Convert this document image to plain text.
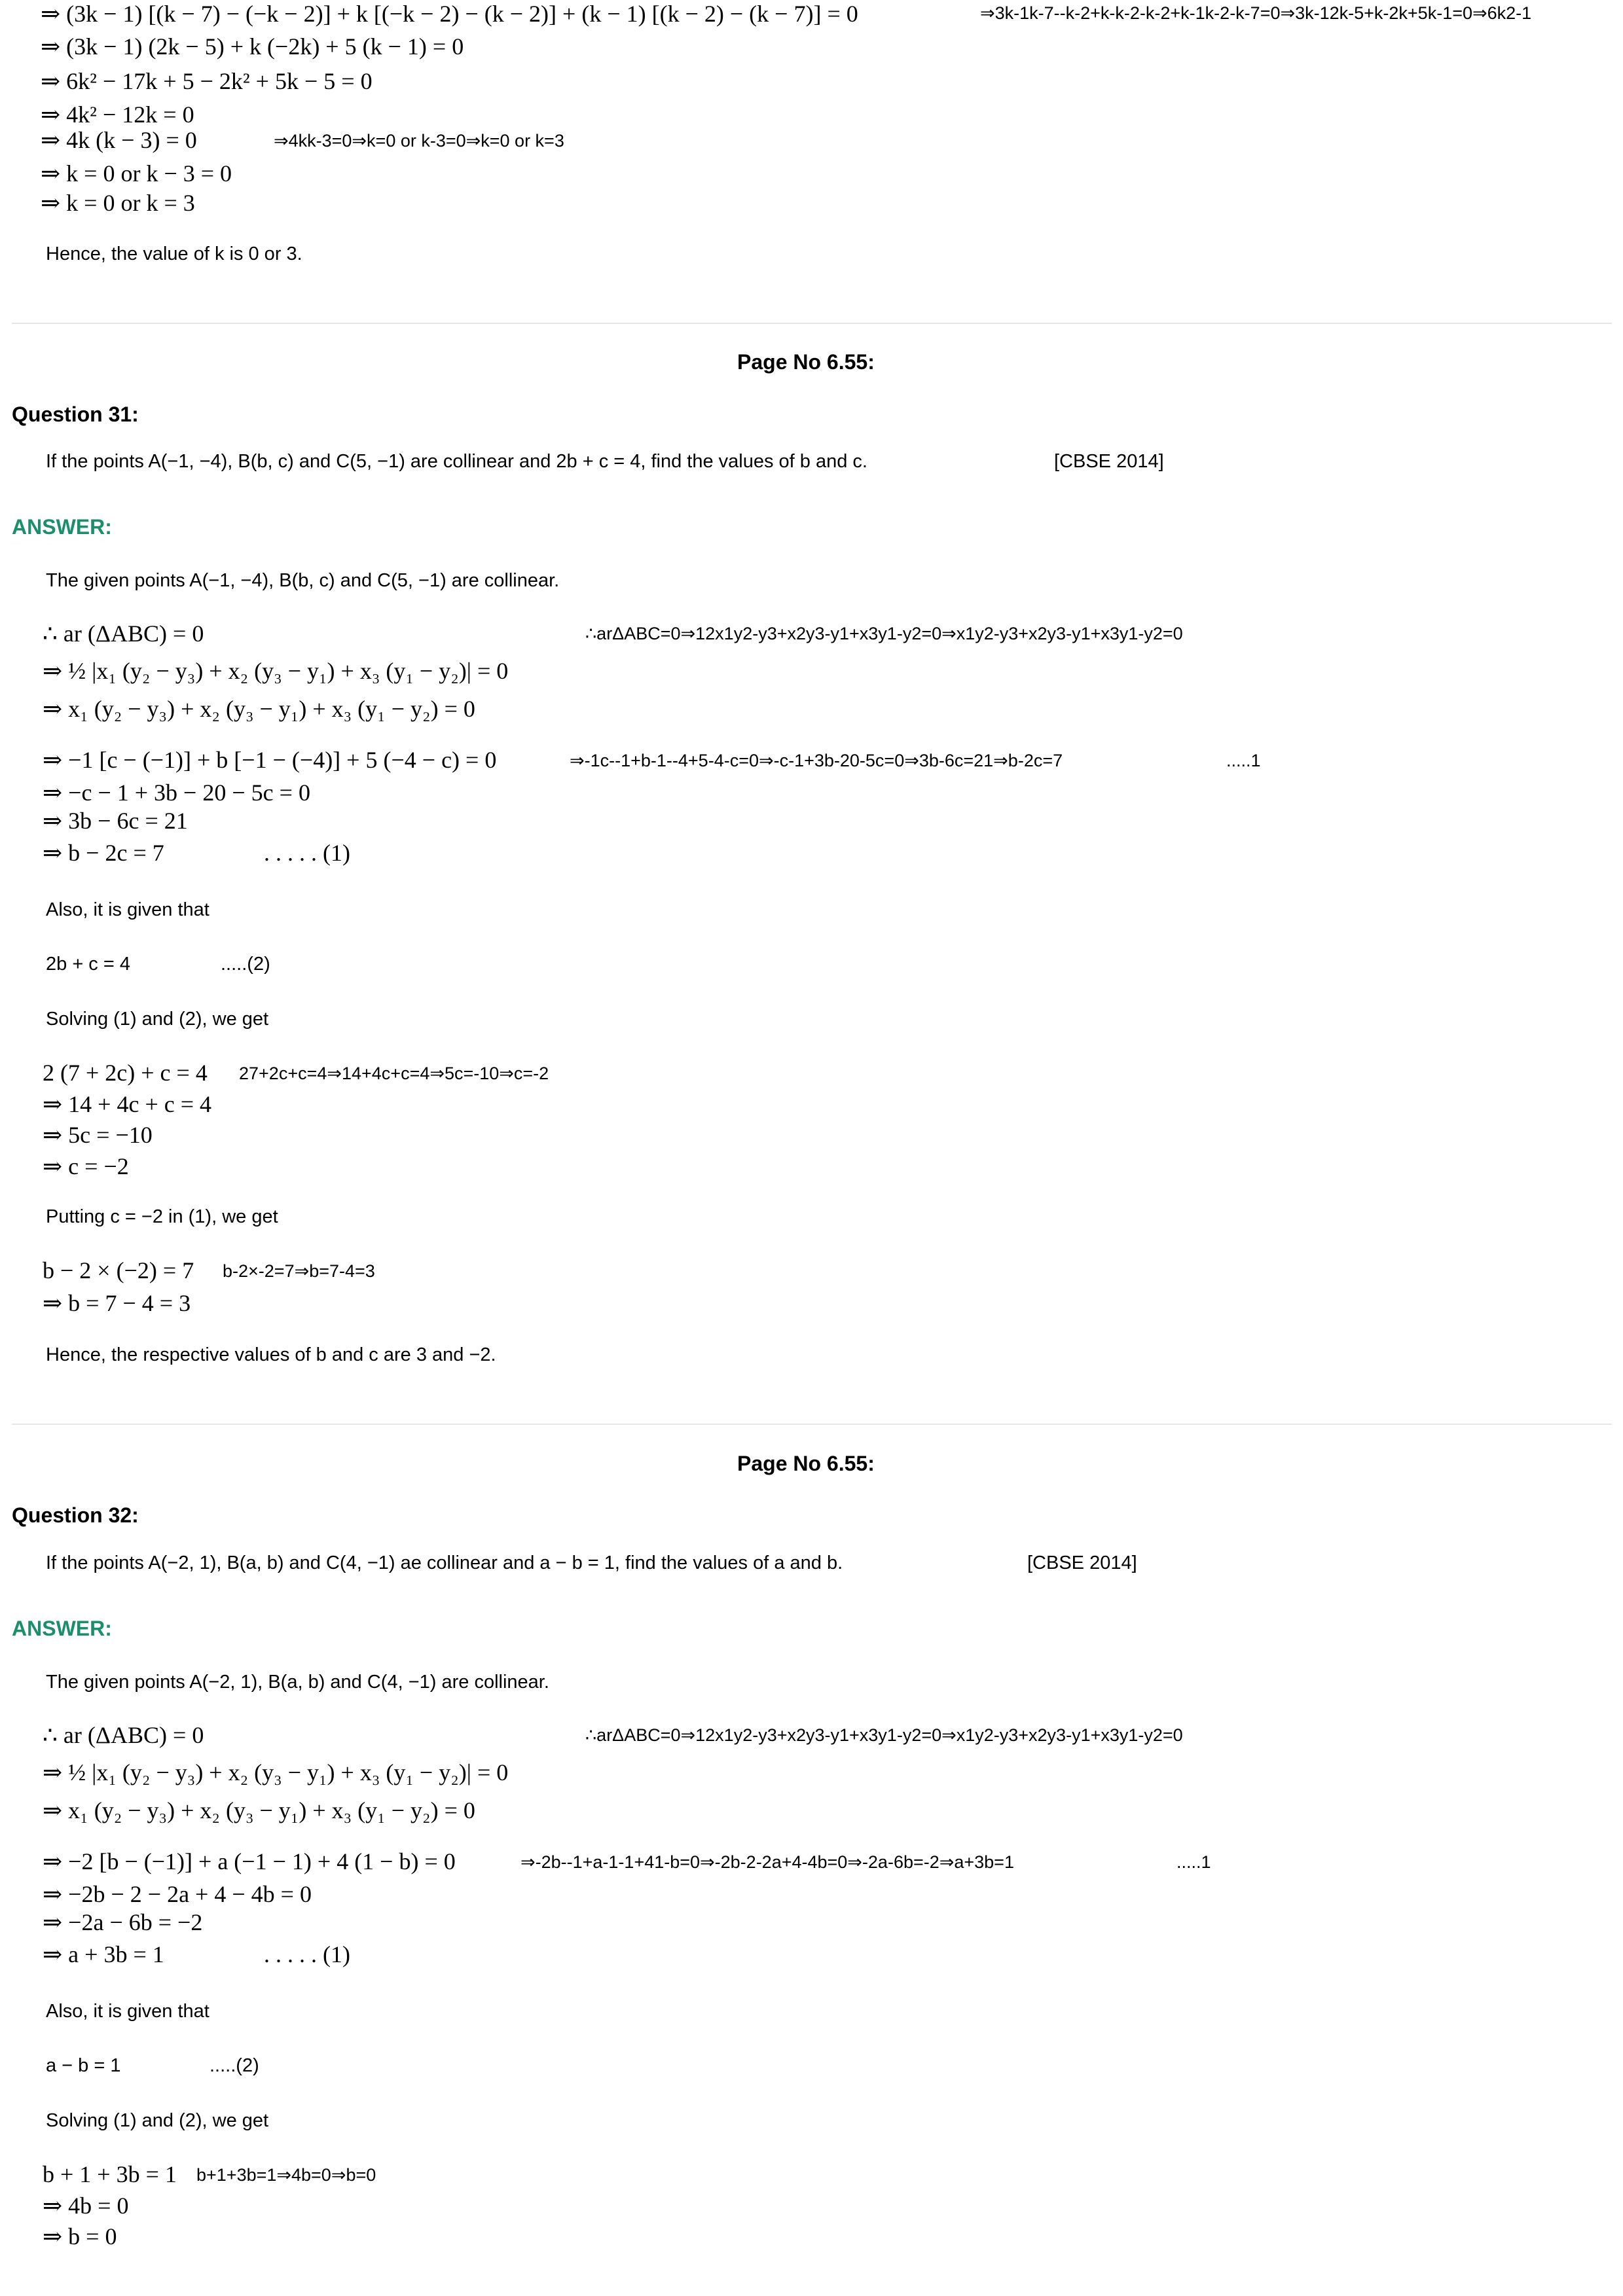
⇒ (3k − 1) [(k − 7) − (−k − 2)] + k [(−k − 2) − (k − 2)] + (k − 1) [(k − 2) − (k − 7)] = 0	⇒3k-1k-7--k-2+k-k-2-k-2+k-1k-2-k-7=0⇒3k-12k-5+k-2k+5k-1=0⇒6k2-1
⇒ (3k − 1) (2k − 5) + k (−2k) + 5 (k − 1) = 0
⇒ 6k² − 17k + 5 − 2k² + 5k − 5 = 0
⇒ 4k² − 12k = 0
⇒ 4k (k − 3) = 0	⇒4kk-3=0⇒k=0 or k-3=0⇒k=0 or k=3
⇒ k = 0 or k − 3 = 0
⇒ k = 0 or k = 3
Hence, the value of k is 0 or 3.
Page No 6.55:
Question 31:
If the points A(−1, −4), B(b, c) and C(5, −1) are collinear and 2b + c = 4, find the values of b and c.	[CBSE 2014]
ANSWER:
The given points A(−1, −4), B(b, c) and C(5, −1) are collinear.
∴ ar (ΔABC) = 0	∴arΔABC=0⇒12x1y2-y3+x2y3-y1+x3y1-y2=0⇒x1y2-y3+x2y3-y1+x3y1-y2=0
⇒ ½ |x₁ (y₂ − y₃) + x₂ (y₃ − y₁) + x₃ (y₁ − y₂)| = 0
⇒ x₁ (y₂ − y₃) + x₂ (y₃ − y₁) + x₃ (y₁ − y₂) = 0
⇒ −1 [c − (−1)] + b [−1 − (−4)] + 5 (−4 − c) = 0	⇒-1c--1+b-1--4+5-4-c=0⇒-c-1+3b-20-5c=0⇒3b-6c=21⇒b-2c=7	.....1
⇒ −c − 1 + 3b − 20 − 5c = 0
⇒ 3b − 6c = 21
⇒ b − 2c = 7	. . . . . (1)
Also, it is given that
2b + c = 4	.....(2)
Solving (1) and (2), we get
2 (7 + 2c) + c = 4 27+2c+c=4⇒14+4c+c=4⇒5c=-10⇒c=-2
⇒ 14 + 4c + c = 4
⇒ 5c = −10
⇒ c = −2
Putting c = −2 in (1), we get
b − 2 × (−2) = 7 b-2×-2=7⇒b=7-4=3
⇒ b = 7 − 4 = 3
Hence, the respective values of b and c are 3 and −2.
Page No 6.55:
Question 32:
If the points A(−2, 1), B(a, b) and C(4, −1) ae collinear and a − b = 1, find the values of a and b.	[CBSE 2014]
ANSWER:
The given points A(−2, 1), B(a, b) and C(4, −1) are collinear.
∴ ar (ΔABC) = 0	∴arΔABC=0⇒12x1y2-y3+x2y3-y1+x3y1-y2=0⇒x1y2-y3+x2y3-y1+x3y1-y2=0
⇒ ½ |x₁ (y₂ − y₃) + x₂ (y₃ − y₁) + x₃ (y₁ − y₂)| = 0
⇒ x₁ (y₂ − y₃) + x₂ (y₃ − y₁) + x₃ (y₁ − y₂) = 0
⇒ −2 [b − (−1)] + a (−1 − 1) + 4 (1 − b) = 0	⇒-2b--1+a-1-1+41-b=0⇒-2b-2-2a+4-4b=0⇒-2a-6b=-2⇒a+3b=1	.....1
⇒ −2b − 2 − 2a + 4 − 4b = 0
⇒ −2a − 6b = −2
⇒ a + 3b = 1	. . . . . (1)
Also, it is given that
a − b = 1	.....(2)
Solving (1) and (2), we get
b + 1 + 3b = 1 b+1+3b=1⇒4b=0⇒b=0
⇒ 4b = 0
⇒ b = 0
